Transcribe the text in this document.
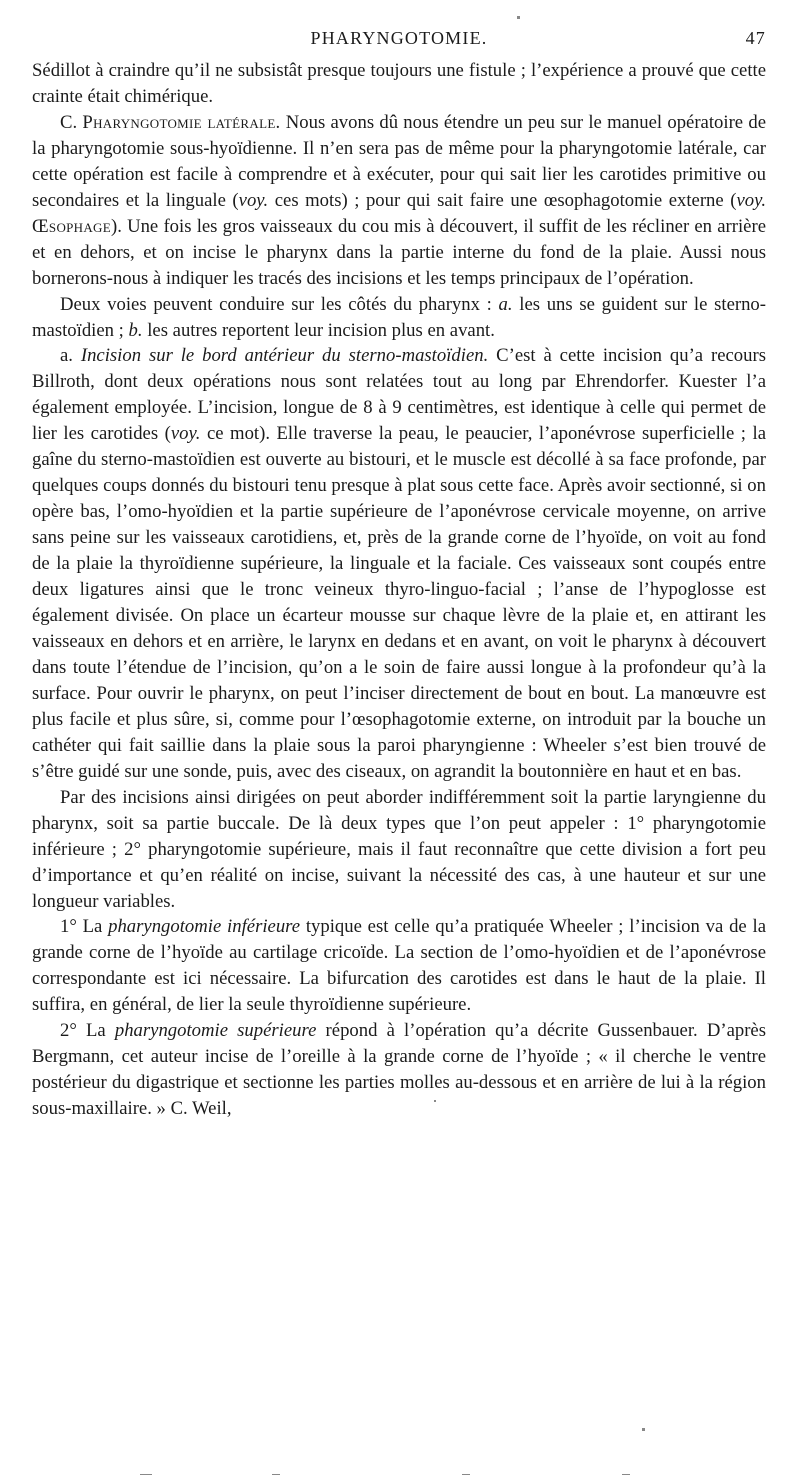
PHARYNGOTOMIE.	47

Sédillot à craindre qu’il ne subsistât presque toujours une fistule ; l’expérience a prouvé que cette crainte était chimérique.

C. Pharyngotomie latérale. Nous avons dû nous étendre un peu sur le manuel opératoire de la pharyngotomie sous-hyoïdienne. Il n’en sera pas de même pour la pharyngotomie latérale, car cette opération est facile à comprendre et à exécuter, pour qui sait lier les carotides primitive ou secondaires et la linguale (voy. ces mots) ; pour qui sait faire une œsophagotomie externe (voy. Œsophage). Une fois les gros vaisseaux du cou mis à découvert, il suffit de les récliner en arrière et en dehors, et on incise le pharynx dans la partie interne du fond de la plaie. Aussi nous bornerons-nous à indiquer les tracés des incisions et les temps principaux de l’opération.

Deux voies peuvent conduire sur les côtés du pharynx : a. les uns se guident sur le sterno-mastoïdien ; b. les autres reportent leur incision plus en avant.

a. Incision sur le bord antérieur du sterno-mastoïdien. C’est à cette incision qu’a recours Billroth, dont deux opérations nous sont relatées tout au long par Ehrendorfer. Kuester l’a également employée. L’incision, longue de 8 à 9 centimètres, est identique à celle qui permet de lier les carotides (voy. ce mot). Elle traverse la peau, le peaucier, l’aponévrose superficielle ; la gaîne du sterno-mastoïdien est ouverte au bistouri, et le muscle est décollé à sa face profonde, par quelques coups donnés du bistouri tenu presque à plat sous cette face. Après avoir sectionné, si on opère bas, l’omo-hyoïdien et la partie supérieure de l’aponévrose cervicale moyenne, on arrive sans peine sur les vaisseaux carotidiens, et, près de la grande corne de l’hyoïde, on voit au fond de la plaie la thyroïdienne supérieure, la linguale et la faciale. Ces vaisseaux sont coupés entre deux ligatures ainsi que le tronc veineux thyro-linguo-facial ; l’anse de l’hypoglosse est également divisée. On place un écarteur mousse sur chaque lèvre de la plaie et, en attirant les vaisseaux en dehors et en arrière, le larynx en dedans et en avant, on voit le pharynx à découvert dans toute l’étendue de l’incision, qu’on a le soin de faire aussi longue à la profondeur qu’à la surface. Pour ouvrir le pharynx, on peut l’inciser directement de bout en bout. La manœuvre est plus facile et plus sûre, si, comme pour l’œsophagotomie externe, on introduit par la bouche un cathéter qui fait saillie dans la plaie sous la paroi pharyngienne : Wheeler s’est bien trouvé de s’être guidé sur une sonde, puis, avec des ciseaux, on agrandit la boutonnière en haut et en bas.

Par des incisions ainsi dirigées on peut aborder indifféremment soit la partie laryngienne du pharynx, soit sa partie buccale. De là deux types que l’on peut appeler : 1° pharyngotomie inférieure ; 2° pharyngotomie supérieure, mais il faut reconnaître que cette division a fort peu d’importance et qu’en réalité on incise, suivant la nécessité des cas, à une hauteur et sur une longueur variables.

1° La pharyngotomie inférieure typique est celle qu’a pratiquée Wheeler ; l’incision va de la grande corne de l’hyoïde au cartilage cricoïde. La section de l’omo-hyoïdien et de l’aponévrose correspondante est ici nécessaire. La bifurcation des carotides est dans le haut de la plaie. Il suffira, en général, de lier la seule thyroïdienne supérieure.

2° La pharyngotomie supérieure répond à l’opération qu’a décrite Gussenbauer. D’après Bergmann, cet auteur incise de l’oreille à la grande corne de l’hyoïde ; « il cherche le ventre postérieur du digastrique et sectionne les parties molles au-dessous et en arrière de lui à la région sous-maxillaire. » C. Weil,
